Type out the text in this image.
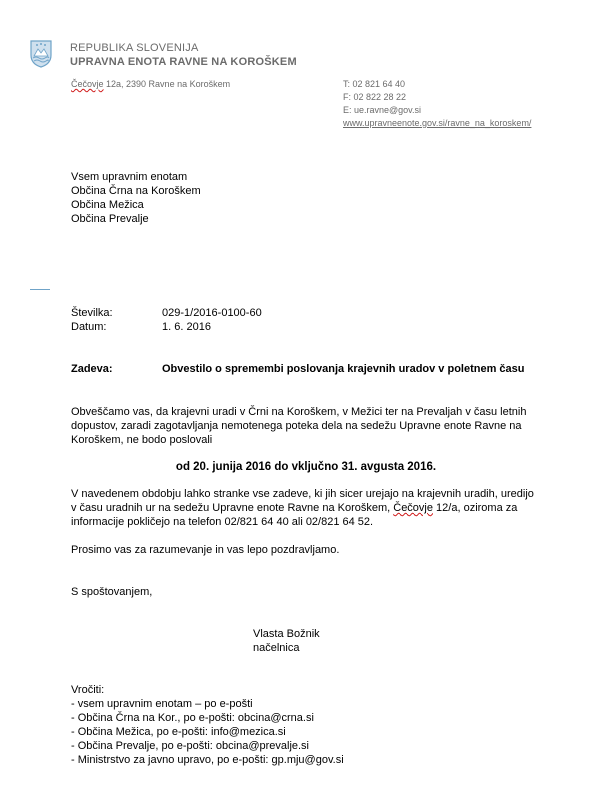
REPUBLIKA SLOVENIJA
UPRAVNA ENOTA RAVNE NA KOROŠKEM
Čečovje 12a, 2390 Ravne na Koroškem	T: 02 821 64 40
F: 02 822 28 22
E: ue.ravne@gov.si
www.upravneenote.gov.si/ravne_na_koroskem/
Vsem upravnim enotam
Občina Črna na Koroškem
Občina Mežica
Občina Prevalje
Številka:	029-1/2016-0100-60
Datum:	1. 6. 2016
Zadeva:	Obvestilo o spremembi poslovanja krajevnih uradov v poletnem času
Obveščamo vas, da krajevni uradi v Črni na Koroškem, v Mežici ter na Prevaljah v času letnih
dopustov, zaradi zagotavljanja nemotenega poteka dela na sedežu Upravne enote Ravne na
Koroškem, ne bodo poslovali
od 20. junija 2016 do vključno 31. avgusta 2016.
V navedenem obdobju lahko stranke vse zadeve, ki jih sicer urejajo na krajevnih uradih, uredijo
v času uradnih ur na sedežu Upravne enote Ravne na Koroškem, Čečovje 12/a, oziroma za
informacije pokličejo na telefon 02/821 64 40 ali 02/821 64 52.
Prosimo vas za razumevanje in vas lepo pozdravljamo.
S spoštovanjem,
Vlasta Božnik
načelnica
Vročiti:
- vsem upravnim enotam – po e-pošti
- Občina Črna na Kor., po e-pošti: obcina@crna.si
- Občina Mežica, po e-pošti: info@mezica.si
- Občina Prevalje, po e-pošti: obcina@prevalje.si
- Ministrstvo za javno upravo, po e-pošti: gp.mju@gov.si
